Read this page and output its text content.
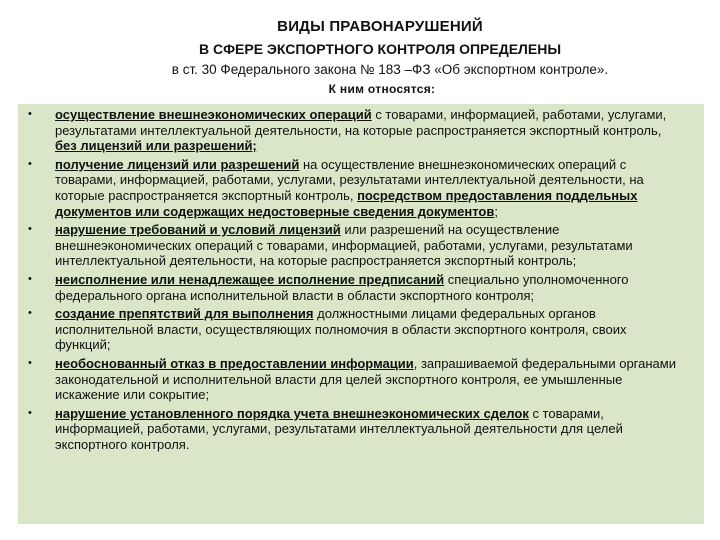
ВИДЫ ПРАВОНАРУШЕНИЙ
В СФЕРЕ ЭКСПОРТНОГО КОНТРОЛЯ ОПРЕДЕЛЕНЫ
в ст. 30 Федерального закона № 183 –ФЗ «Об экспортном контроле».
К ним относятся:
• осуществление внешнеэкономических операций с товарами, информацией, работами, услугами, результатами интеллектуальной деятельности, на которые распространяется экспортный контроль, без лицензий или разрешений;
• получение лицензий или разрешений на осуществление внешнеэкономических операций с товарами, информацией, работами, услугами, результатами интеллектуальной деятельности, на которые распространяется экспортный контроль, посредством предоставления поддельных документов или содержащих недостоверные сведения документов;
• нарушение требований и условий лицензий или разрешений на осуществление внешнеэкономических операций с товарами, информацией, работами, услугами, результатами интеллектуальной деятельности, на которые распространяется экспортный контроль;
• неисполнение или ненадлежащее исполнение предписаний специально уполномоченного федерального органа исполнительной власти в области экспортного контроля;
• создание препятствий для выполнения должностными лицами федеральных органов исполнительной власти, осуществляющих полномочия в области экспортного контроля, своих функций;
• необоснованный отказ в предоставлении информации, запрашиваемой федеральными органами законодательной и исполнительной власти для целей экспортного контроля, ее умышленные искажение или сокрытие;
• нарушение установленного порядка учета внешнеэкономических сделок с товарами, информацией, работами, услугами, результатами интеллектуальной деятельности для целей экспортного контроля.
